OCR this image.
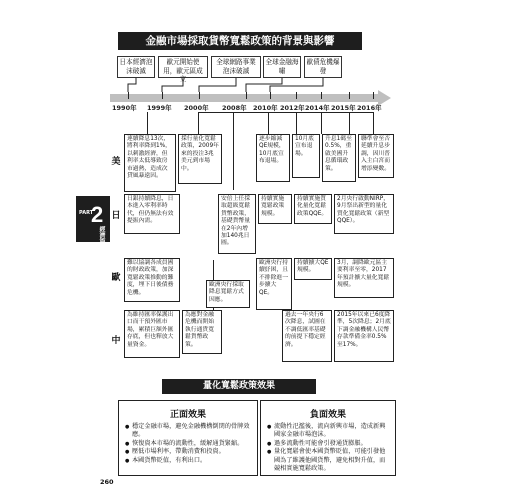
金融市場採取貨幣寬鬆政策的背景與影響
日本經濟泡沫破滅
歐元開始使用，歐元區成立
全球網路事業泡沫破滅
全球金融海嘯
歐債危機爆發
1990年 1999年 2000年 2008年 2010年 2012年 2014年 2015年 2016年
PART
2
經濟篇
美
日
歐
中
連續降息13次，將利率降到1%，以刺激經濟，但利率太低導致房市過熱，造成次貸風暴遠因。
採行量化寬鬆政策，2009年來的投注3兆美元到市場中。
逐步縮減QE規模，10月底宣布退場。
10月底宣布退場。
升息1碼至0.5%，重啟美國升息循環政策。
聯準會至否延續升息步調，因川普入主白宮而增添變數。
日銀持續降息，日本進入零利率時代，但仍無法有效提振內需。
安倍上任採取超級寬鬆貨幣政策，基礎貨幣量在2年內增加140兆日圓。
持續實施寬鬆政策規模。
持續實施質化量化寬鬆政策QQE。
2月央行啟動NIRP，9月祭出新型的量化質化寬鬆政策（新型QQE）。
難以協調各成員國的財政政策，加深寬鬆政策推動的難度，埋下日後債務危機。
歐洲央行採取降息寬鬆方式因應。
歐洲央行持續紓困，且不排除進一步擴大QE。
持續擴大QE規模。
3月，調降歐元區主要利率至零，2017年預計擴大量化寬鬆規模。
為維持匯率保護出口而干預外匯市場，累積巨額外匯存底，但也釋放大量資金。
為應對金融危機而開始執行通貨寬鬆貨幣政策。
過去一年央行6次降息，試圖在不調低匯率基礎的前提下穩定經濟。
2015年以來已6度降準，5次降息；2月底下調金融機構人民幣存款準備金率0.5%至17%。
量化寬鬆政策效果
正面效果
● 穩定金融市場，避免金融機構倒閉的骨牌效應。
● 恢復資本市場的流動性，緩解通貨緊縮。
● 壓低市場利率，帶動消費和投資。
● 本國貨幣貶值，有利出口。
負面效果
● 流動性氾濫後，流向新興市場，造成新興國家金融市場泡沫。
● 過多流動性可能會引發通貨膨脹。
● 量化寬鬆會使本國貨幣貶值，可能引發他國為了維護他國貨幣，避免相對升值，而競相實施寬鬆政策。
260
